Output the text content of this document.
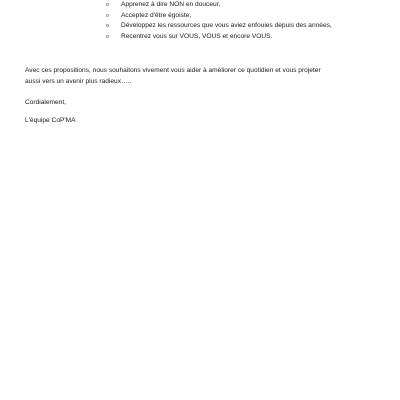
o	Apprenez à dire NON en douceur,
o	Acceptez d'être égoiste,
o	Développez les ressources que vous aviez enfouies depuis des années,
o	Recentrez vous sur VOUS, VOUS et encore VOUS.
Avec ces propositions, nous souhaitons vivement vous aider à améliorer ce quotidien et vous projeter
aussi vers un avenir plus radieux…..
Cordialement,
L'équipe CoP'MA
